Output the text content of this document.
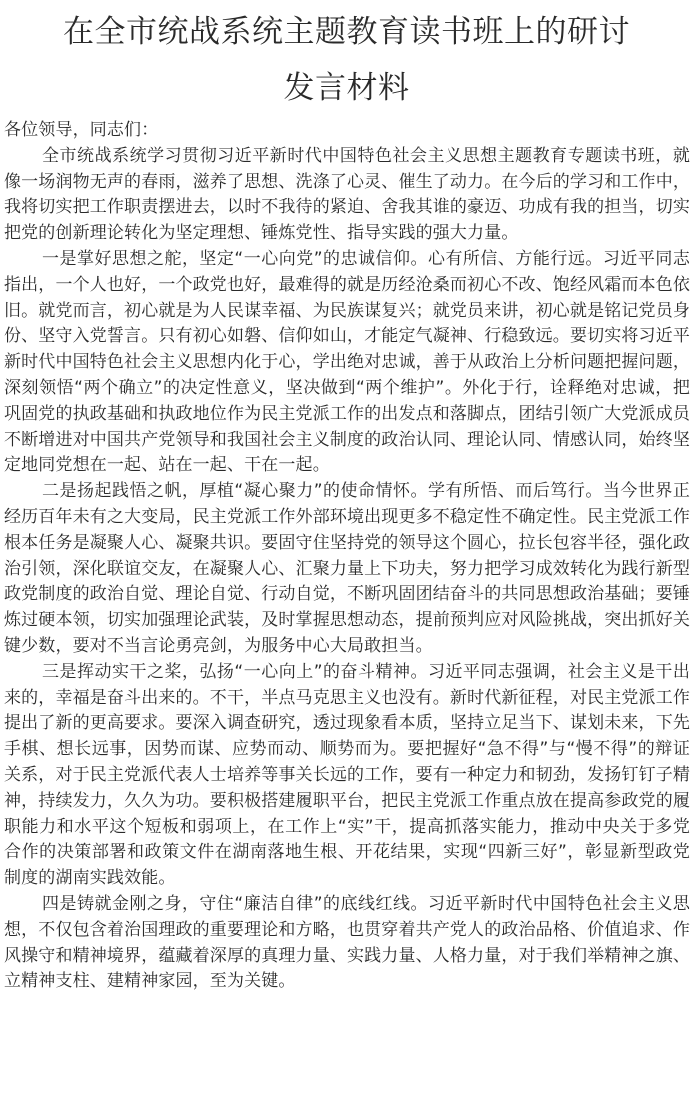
在全市统战系统主题教育读书班上的研讨
发言材料

各位领导，同志们：

全市统战系统学习贯彻习近平新时代中国特色社会主义思想主题教育专题读书班，就像一场润物无声的春雨，滋养了思想、洗涤了心灵、催生了动力。在今后的学习和工作中，我将切实把工作职责摆进去，以时不我待的紧迫、舍我其谁的豪迈、功成有我的担当，切实把党的创新理论转化为坚定理想、锤炼党性、指导实践的强大力量。

一是掌好思想之舵，坚定“一心向党”的忠诚信仰。心有所信、方能行远。习近平同志指出，一个人也好，一个政党也好，最难得的就是历经沧桑而初心不改、饱经风霜而本色依旧。就党而言，初心就是为人民谋幸福、为民族谋复兴；就党员来讲，初心就是铭记党员身份、坚守入党誓言。只有初心如磐、信仰如山，才能定气凝神、行稳致远。要切实将习近平新时代中国特色社会主义思想内化于心，学出绝对忠诚，善于从政治上分析问题把握问题，深刻领悟“两个确立”的决定性意义，坚决做到“两个维护”。外化于行，诠释绝对忠诚，把巩固党的执政基础和执政地位作为民主党派工作的出发点和落脚点，团结引领广大党派成员不断增进对中国共产党领导和我国社会主义制度的政治认同、理论认同、情感认同，始终坚定地同党想在一起、站在一起、干在一起。

二是扬起践悟之帆，厚植“凝心聚力”的使命情怀。学有所悟、而后笃行。当今世界正经历百年未有之大变局，民主党派工作外部环境出现更多不稳定性不确定性。民主党派工作根本任务是凝聚人心、凝聚共识。要固守住坚持党的领导这个圆心，拉长包容半径，强化政治引领，深化联谊交友，在凝聚人心、汇聚力量上下功夫，努力把学习成效转化为践行新型政党制度的政治自觉、理论自觉、行动自觉，不断巩固团结奋斗的共同思想政治基础；要锤炼过硬本领，切实加强理论武装，及时掌握思想动态，提前预判应对风险挑战，突出抓好关键少数，要对不当言论勇亮剑，为服务中心大局敢担当。

三是挥动实干之桨，弘扬“一心向上”的奋斗精神。习近平同志强调，社会主义是干出来的，幸福是奋斗出来的。不干，半点马克思主义也没有。新时代新征程，对民主党派工作提出了新的更高要求。要深入调查研究，透过现象看本质，坚持立足当下、谋划未来，下先手棋、想长远事，因势而谋、应势而动、顺势而为。要把握好“急不得”与“慢不得”的辩证关系，对于民主党派代表人士培养等事关长远的工作，要有一种定力和韧劲，发扬钉钉子精神，持续发力，久久为功。要积极搭建履职平台，把民主党派工作重点放在提高参政党的履职能力和水平这个短板和弱项上，在工作上“实”干，提高抓落实能力，推动中央关于多党合作的决策部署和政策文件在湖南落地生根、开花结果，实现“四新三好”，彰显新型政党制度的湖南实践效能。

四是铸就金刚之身，守住“廉洁自律”的底线红线。习近平新时代中国特色社会主义思想，不仅包含着治国理政的重要理论和方略，也贯穿着共产党人的政治品格、价值追求、作风操守和精神境界，蕴藏着深厚的真理力量、实践力量、人格力量，对于我们举精神之旗、立精神支柱、建精神家园，至为关键。
